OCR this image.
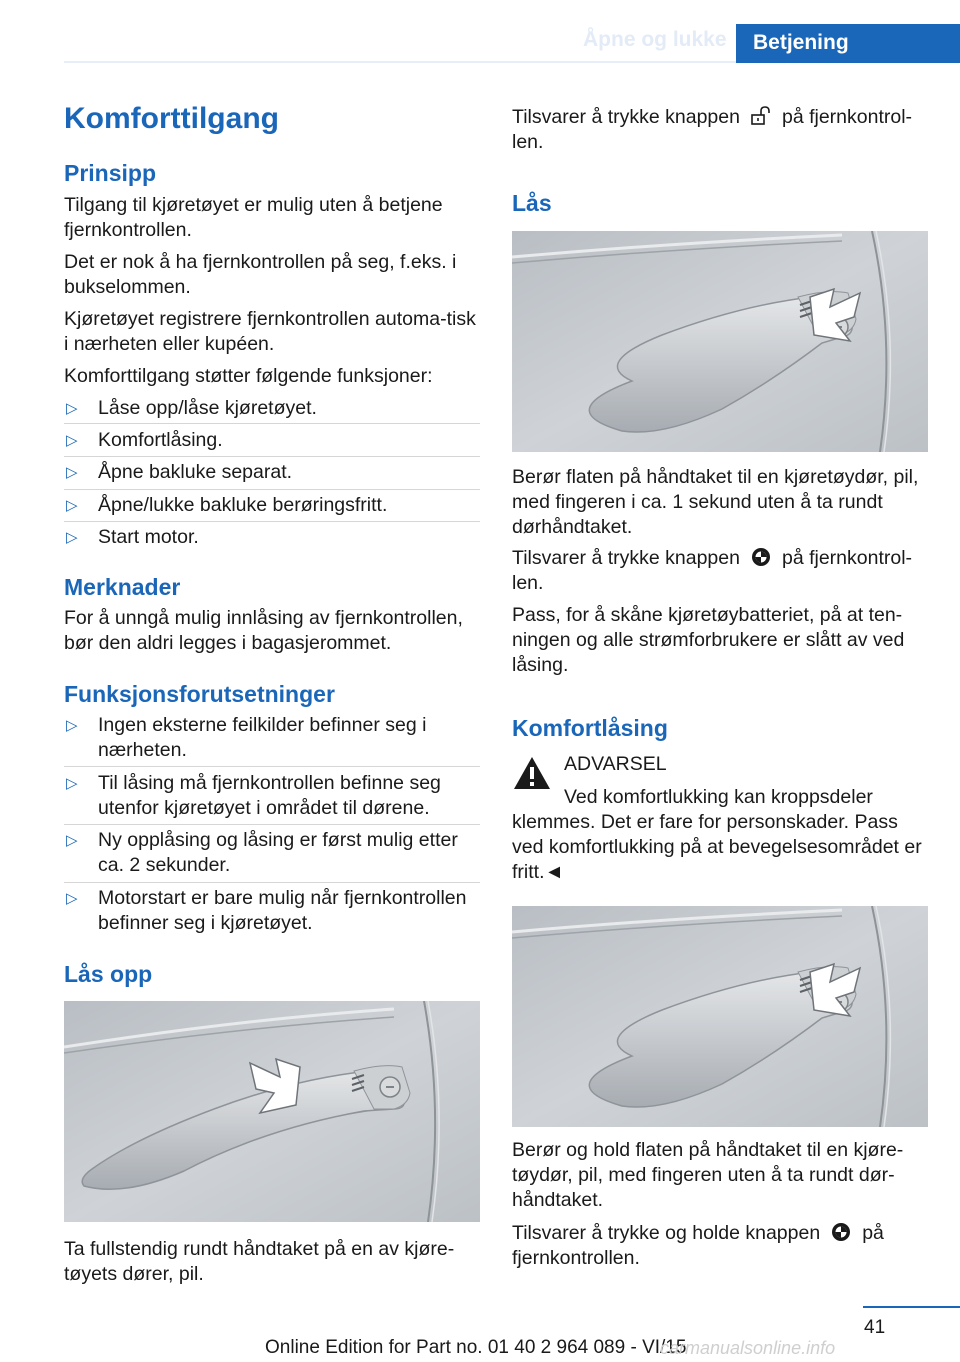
Åpne og lukke	Betjening
Komforttilgang
Prinsipp
Tilgang til kjøretøyet er mulig uten å betjene fjernkontrollen.
Det er nok å ha fjernkontrollen på seg, f.eks. i bukselommen.
Kjøretøyet registrere fjernkontrollen automa-tisk i nærheten eller kupéen.
Komforttilgang støtter følgende funksjoner:
▷ Låse opp/låse kjøretøyet.
▷ Komfortlåsing.
▷ Åpne bakluke separat.
▷ Åpne/lukke bakluke berøringsfritt.
▷ Start motor.
Merknader
For å unngå mulig innlåsing av fjernkontrollen, bør den aldri legges i bagasjerommet.
Funksjonsforutsetninger
▷ Ingen eksterne feilkilder befinner seg i nærheten.
▷ Til låsing må fjernkontrollen befinne seg utenfor kjøretøyet i området til dørene.
▷ Ny opplåsing og låsing er først mulig etter ca. 2 sekunder.
▷ Motorstart er bare mulig når fjernkontrollen befinner seg i kjøretøyet.
Lås opp
Ta fullstendig rundt håndtaket på en av kjøre-tøyets dører, pil.
Tilsvarer å trykke knappen på fjernkontrol-len.
Lås
Berør flaten på håndtaket til en kjøretøydør, pil, med fingeren i ca. 1 sekund uten å ta rundt dørhåndtaket.
Tilsvarer å trykke knappen på fjernkontrol-len.
Pass, for å skåne kjøretøybatteriet, på at ten-ningen og alle strømforbrukere er slått av ved låsing.
Komfortlåsing
ADVARSEL
Ved komfortlukking kan kroppsdeler
klemmes. Det er fare for personskader. Pass ved komfortlukking på at bevegelsesområdet er fritt.◄
Berør og hold flaten på håndtaket til en kjøre-tøydør, pil, med fingeren uten å ta rundt dør-håndtaket.
Tilsvarer å trykke og holde knappen på
fjernkontrollen.
41
Online Edition for Part no. 01 40 2 964 089 - VI/15
carmanualsonline.info
